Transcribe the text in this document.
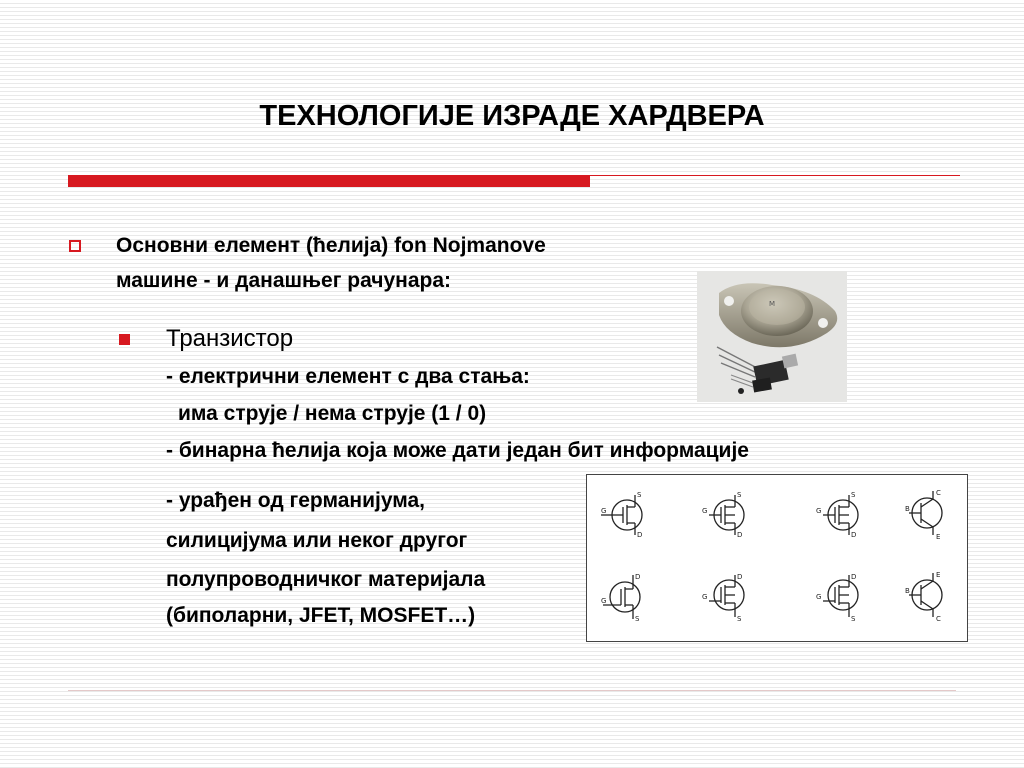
ТЕХНОЛОГИЈЕ ИЗРАДЕ ХАРДВЕРА
Основни елемент (ћелија) fon Nojmanove
машине - и данашњег рачунара:
Транзистор
- електрични елемент с два стања:
има струје / нема струје (1 / 0)
- бинарна ћелија која може дати један бит информације
- урађен од германијума,
силицијума или неког другог
полупроводничког материјала
(биполарни, JFET, MOSFET…)
M
S
G
D
S
G
D
S
G
D
C
B
E
D
G
S
D
G
S
D
G
S
E
B
C
